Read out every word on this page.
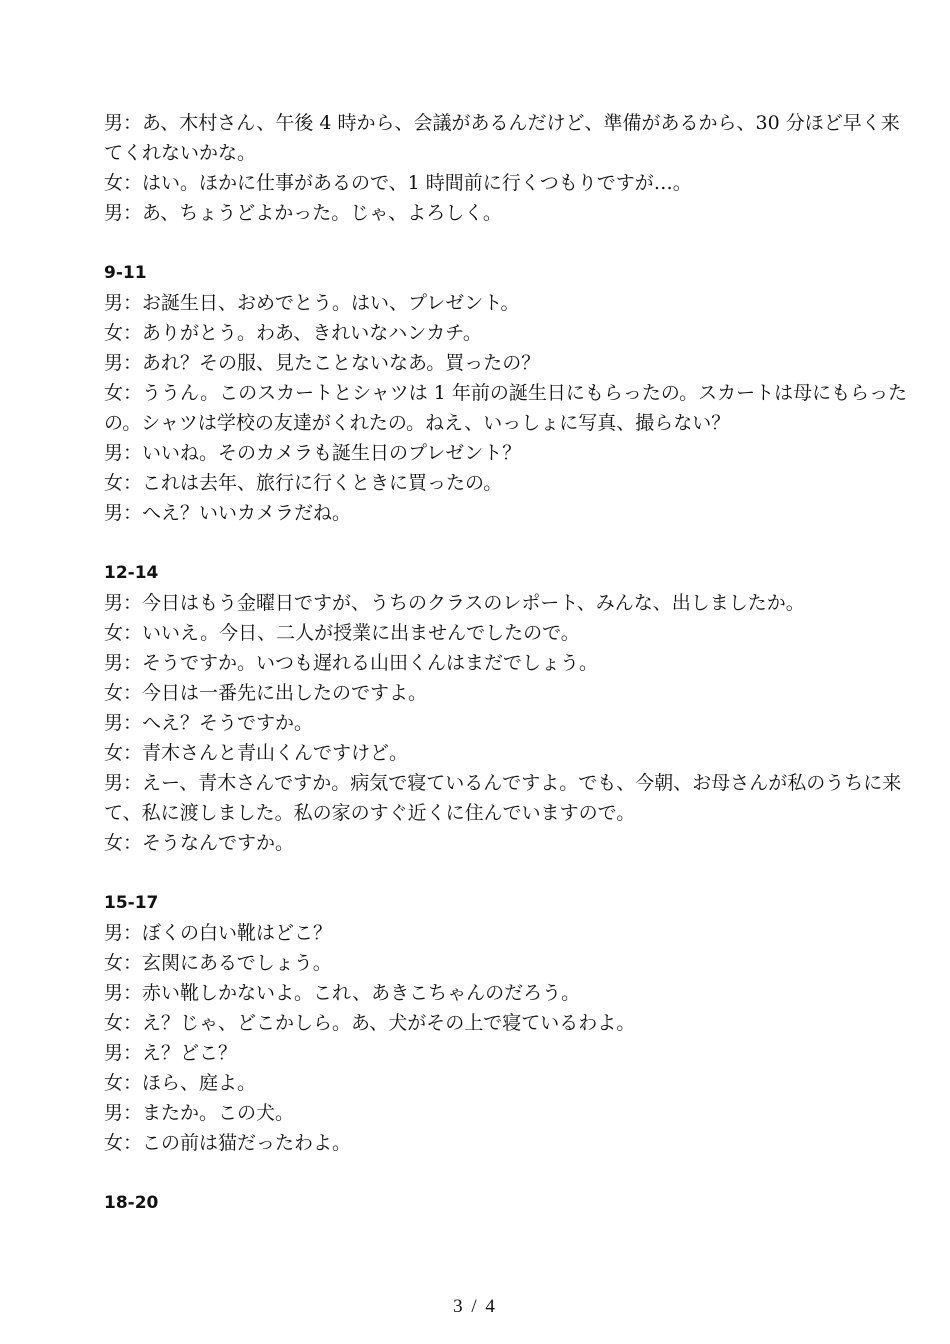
男：あ、木村さん、午後 4 時から、会議があるんだけど、準備があるから、30 分ほど早く来てくれないかな。
女：はい。ほかに仕事があるので、1 時間前に行くつもりですが…。
男：あ、ちょうどよかった。じゃ、よろしく。
9-11
男：お誕生日、おめでとう。はい、プレゼント。
女：ありがとう。わあ、きれいなハンカチ。
男：あれ？その服、見たことないなあ。買ったの？
女：ううん。このスカートとシャツは 1 年前の誕生日にもらったの。スカートは母にもらったの。シャツは学校の友達がくれたの。ねえ、いっしょに写真、撮らない？
男：いいね。そのカメラも誕生日のプレゼント？
女：これは去年、旅行に行くときに買ったの。
男：へえ？いいカメラだね。
12-14
男：今日はもう金曜日ですが、うちのクラスのレポート、みんな、出しましたか。
女：いいえ。今日、二人が授業に出ませんでしたので。
男：そうですか。いつも遅れる山田くんはまだでしょう。
女：今日は一番先に出したのですよ。
男：へえ？そうですか。
女：青木さんと青山くんですけど。
男：えー、青木さんですか。病気で寝ているんですよ。でも、今朝、お母さんが私のうちに来て、私に渡しました。私の家のすぐ近くに住んでいますので。
女：そうなんですか。
15-17
男：ぼくの白い靴はどこ？
女：玄関にあるでしょう。
男：赤い靴しかないよ。これ、あきこちゃんのだろう。
女：え？じゃ、どこかしら。あ、犬がその上で寝ているわよ。
男：え？どこ？
女：ほら、庭よ。
男：またか。この犬。
女：この前は猫だったわよ。
18-20
3 / 4
